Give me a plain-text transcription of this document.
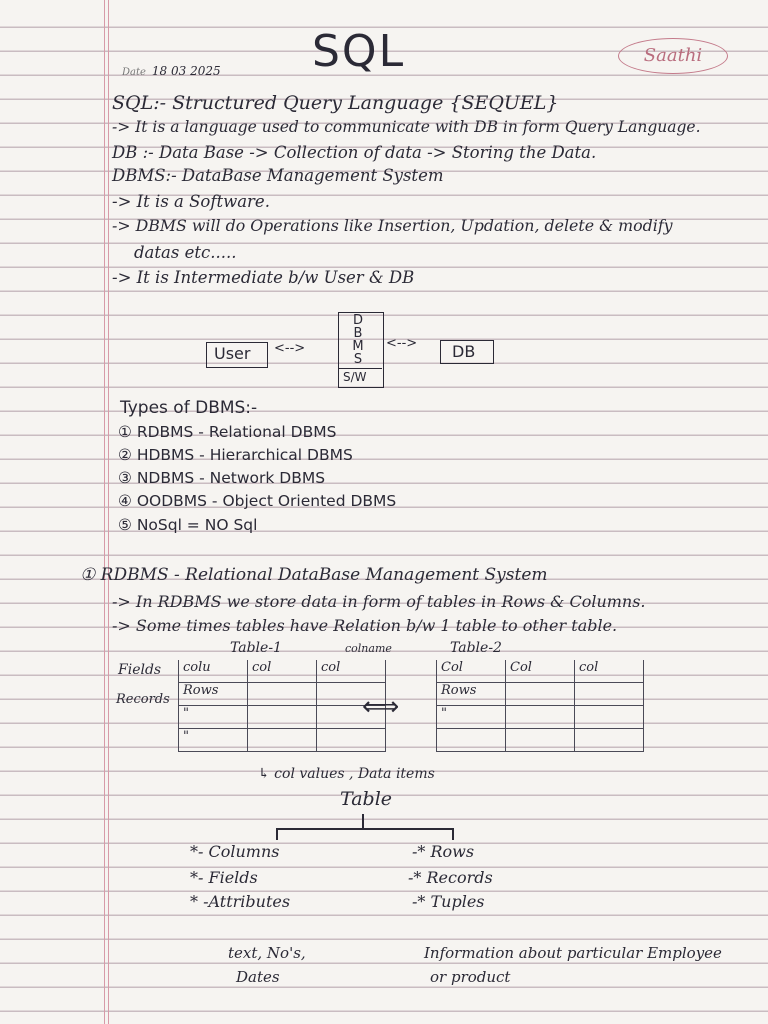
Date 18 03 2025 SQL	Saathi
SQL:- Structured Query Language {SEQUEL}
-> It is a language used to communicate with DB in form Query Language.
DB :- Data Base -> Collection of data -> Storing the Data.
DBMS:- DataBase Management System
-> It is a Software.
-> DBMS will do Operations like Insertion, Updation, delete & modify
datas etc.....
-> It is Intermediate b/w User & DB
User <-->
D
B
M
S
S/W
<--> DB
Types of DBMS:-
① RDBMS - Relational DBMS
② HDBMS - Hierarchical DBMS
③ NDBMS - Network DBMS
④ OODBMS - Object Oriented DBMS
⑤ NoSql = NO Sql
① RDBMS - Relational DataBase Management System
-> In RDBMS we store data in form of tables in Rows & Columns.
-> Some times tables have Relation b/w 1 table to other table.
Table-1	colname	Table-2
Fields
Records
colu	col	col
Rows		
"		
"		
⟺
Col	Col	col
Rows		
"		

↳ col values , Data items
Table
*- Columns
*- Fields
* -Attributes
-* Rows
-* Records
-* Tuples
text, No's,
Dates
Information about particular Employee
or product
